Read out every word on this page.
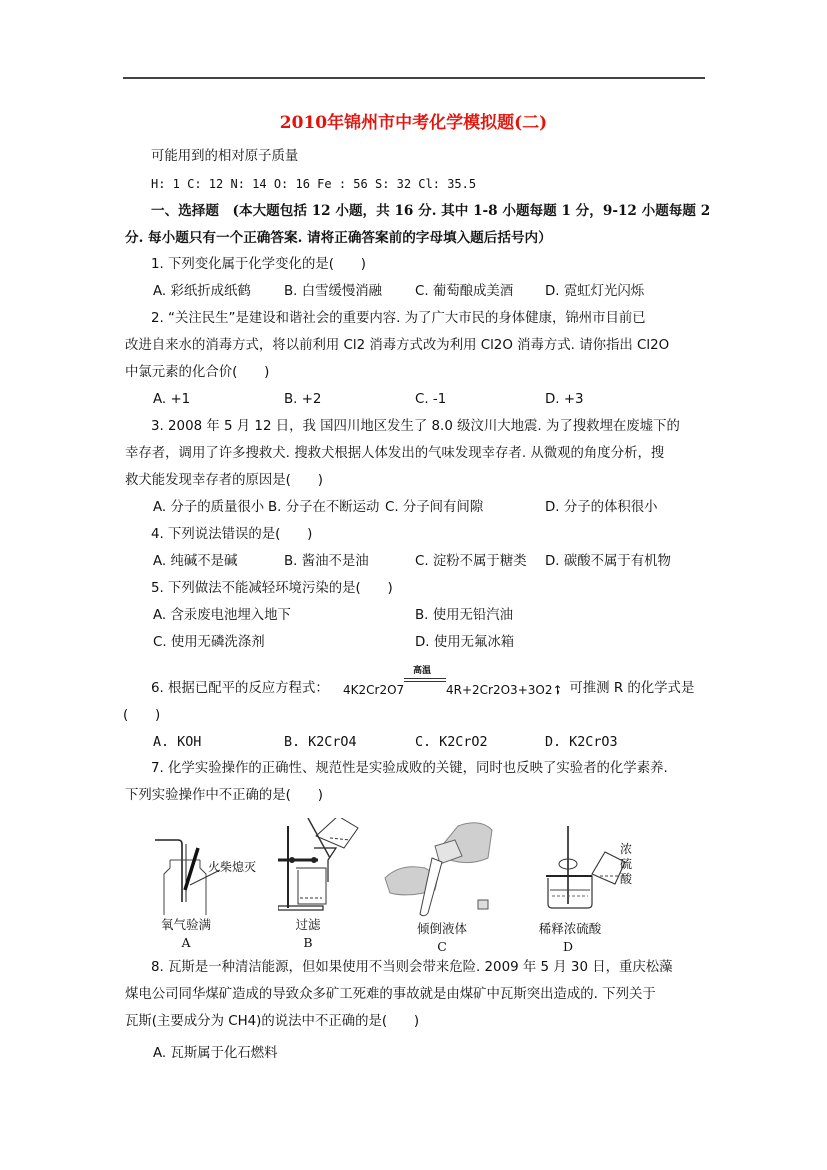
2010年锦州市中考化学模拟题(二)
可能用到的相对原子质量
H: 1 C: 12 N: 14 O: 16 Fe : 56 S: 32 Cl: 35.5
一、选择题　(本大题包括 12 小题，共 16 分. 其中 1-8 小题每题 1 分，9-12 小题每题 2
分. 每小题只有一个正确答案. 请将正确答案前的字母填入题后括号内）
1. 下列变化属于化学变化的是(　　)
A. 彩纸折成纸鹤 B. 白雪缓慢消融 C. 葡萄酿成美酒 D. 霓虹灯光闪烁
2. “关注民生”是建设和谐社会的重要内容. 为了广大市民的身体健康，锦州市目前已
改进自来水的消毒方式，将以前利用 Cl2 消毒方式改为利用 Cl2O 消毒方式. 请你指出 Cl2O
中氯元素的化合价(　　)
A. +1	B. +2	C. -1	D. +3
3. 2008 年 5 月 12 日，我 国四川地区发生了 8.0 级汶川大地震. 为了搜救埋在废墟下的
幸存者，调用了许多搜救犬. 搜救犬根据人体发出的气味发现幸存者. 从微观的角度分析，搜
救犬能发现幸存者的原因是(　　)
A. 分子的质量很小 B. 分子在不断运动 C. 分子间有间隙	D. 分子的体积很小
4. 下列说法错误的是(　　)
A. 纯碱不是碱	B. 酱油不是油	C. 淀粉不属于糖类 D. 碳酸不属于有机物
5. 下列做法不能减轻环境污染的是(　　)
A. 含汞废电池埋入地下	B. 使用无铅汽油
C. 使用无磷洗涤剂	D. 使用无氟冰箱
6. 根据已配平的反应方程式： 4K2Cr2O7
高温
4R+2Cr2O3+3O2↑
，可推测 R 的化学式是
(　　)
A. KOH	B. K2CrO4	C. K2CrO2	D. K2CrO3
7. 化学实验操作的正确性、规范性是实验成败的关键，同时也反映了实验者的化学素养.
下列实验操作中不正确的是(　　)
火柴熄灭
氧气验满
A
过滤
B
倾倒液体
C
浓硫酸
稀释浓硫酸
D
8. 瓦斯是一种清洁能源，但如果使用不当则会带来危险. 2009 年 5 月 30 日，重庆松藻
煤电公司同华煤矿造成的导致众多矿工死难的事故就是由煤矿中瓦斯突出造成的. 下列关于
瓦斯(主要成分为 CH4)的说法中不正确的是(　　)
A. 瓦斯属于化石燃料
